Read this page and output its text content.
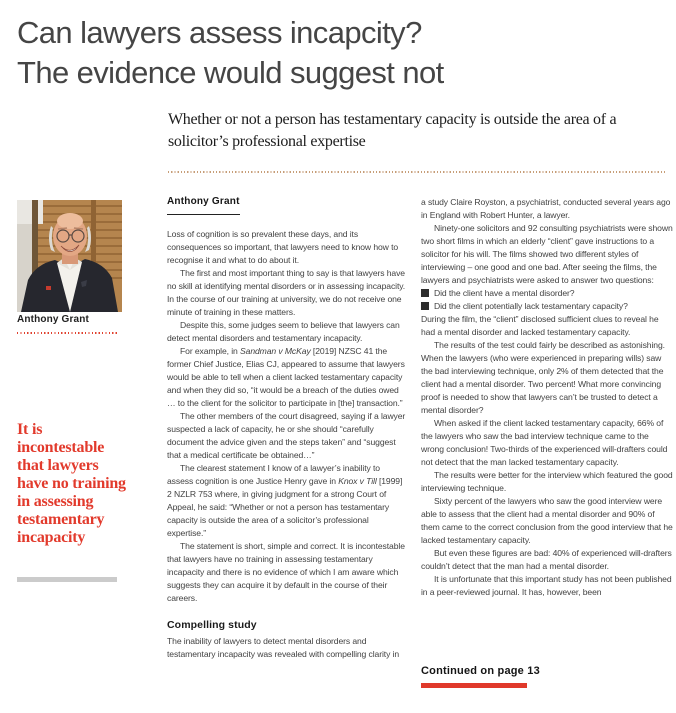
Can lawyers assess incapcity?
The evidence would suggest not
Whether or not a person has testamentary capacity is outside the area of a solicitor’s professional expertise
Anthony Grant
It is incontestable that lawyers have no training in assessing testamentary incapacity
Anthony Grant

Loss of cognition is so prevalent these days, and its consequences so important, that lawyers need to know how to recognise it and what to do about it.

The first and most important thing to say is that lawyers have no skill at identifying mental disorders or in assessing incapacity. In the course of our training at university, we do not receive one minute of training in these matters.

Despite this, some judges seem to believe that lawyers can detect mental disorders and testamentary incapacity.

For example, in Sandman v McKay [2019] NZSC 41 the former Chief Justice, Elias CJ, appeared to assume that lawyers would be able to tell when a client lacked testamentary capacity and when they did so, “it would be a breach of the duties owed … to the client for the solicitor to participate in [the] transaction.”

The other members of the court disagreed, saying if a lawyer suspected a lack of capacity, he or she should “carefully document the advice given and the steps taken” and “suggest that a medical certificate be obtained…”

The clearest statement I know of a lawyer’s inability to assess cognition is one Justice Henry gave in Knox v Till [1999] 2 NZLR 753 where, in giving judgment for a strong Court of Appeal, he said: “Whether or not a person has testamentary capacity is outside the area of a solicitor’s professional expertise.”

The statement is short, simple and correct. It is incontestable that lawyers have no training in assessing testamentary incapacity and there is no evidence of which I am aware which suggests they can acquire it by default in the course of their careers.

Compelling study

The inability of lawyers to detect mental disorders and testamentary incapacity was revealed with compelling clarity in

a study Claire Royston, a psychiatrist, conducted several years ago in England with Robert Hunter, a lawyer.

Ninety-one solicitors and 92 consulting psychiatrists were shown two short films in which an elderly “client” gave instructions to a solicitor for his will. The films showed two different styles of interviewing – one good and one bad. After seeing the films, the lawyers and psychiatrists were asked to answer two questions:

Did the client have a mental disorder?

Did the client potentially lack testamentary capacity?

During the film, the “client” disclosed sufficient clues to reveal he had a mental disorder and lacked testamentary capacity.

The results of the test could fairly be described as astonishing. When the lawyers (who were experienced in preparing wills) saw the bad interviewing technique, only 2% of them detected that the client had a mental disorder. Two percent! What more convincing proof is needed to show that lawyers can’t be trusted to detect a mental disorder?

When asked if the client lacked testamentary capacity, 66% of the lawyers who saw the bad interview technique came to the wrong conclusion! Two-thirds of the experienced will-drafters could not detect that the man lacked testamentary capacity.

The results were better for the interview which featured the good interviewing technique.

Sixty percent of the lawyers who saw the good interview were able to assess that the client had a mental disorder and 90% of them came to the correct conclusion from the good interview that he lacked testamentary capacity.

But even these figures are bad: 40% of experienced will-drafters couldn’t detect that the man had a mental disorder.

It is unfortunate that this important study has not been published in a peer-reviewed journal. It has, however, been

Continued on page 13
